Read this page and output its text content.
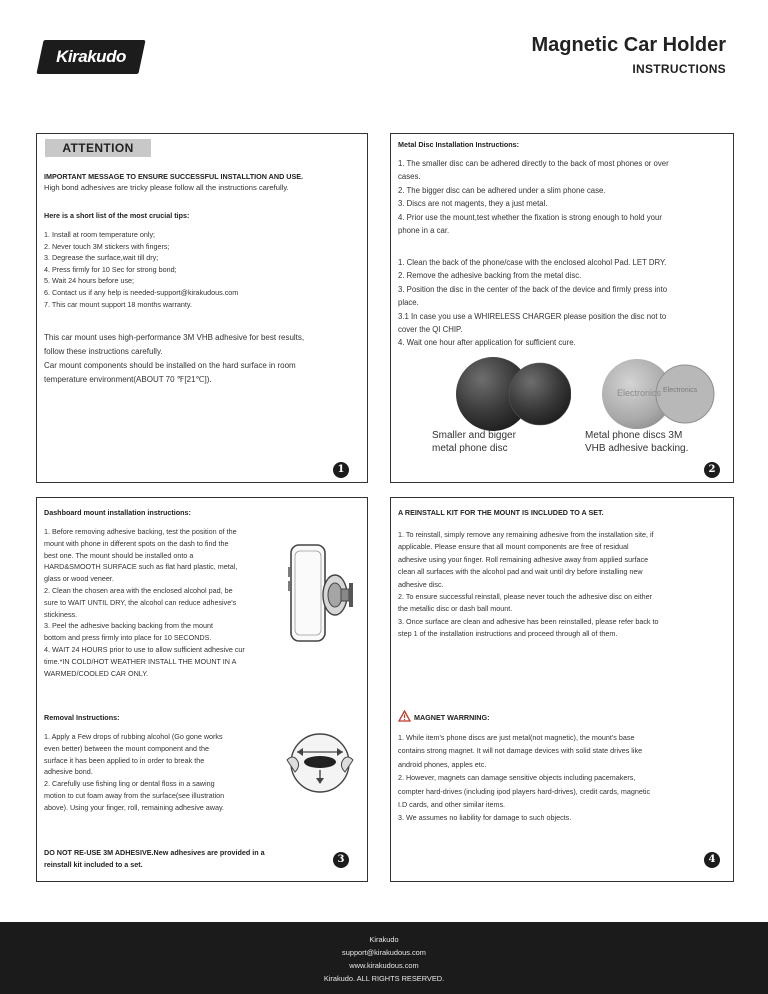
Kirakudo
Magnetic Car Holder
INSTRUCTIONS
ATTENTION
IMPORTANT MESSAGE TO ENSURE SUCCESSFUL INSTALLTION AND USE.
High bond adhesives are tricky please follow all the instructions carefully.
Here is a short list of the most crucial tips:
1. Install at room temperature only;
2. Never touch 3M stickers with fingers;
3. Degrease the surface,wait till dry;
4. Press firmly for 10 Sec for strong bond;
5. Wait 24 hours before use;
6. Contact us if any help is needed-support@kirakudous.com
7. This car mount support 18 months warranty.
This car mount uses high-performance 3M VHB adhesive for best results,
follow these instructions carefully.
Car mount components should be installed on the hard surface in room
temperature environment(ABOUT 70 ℉[21℃]).
1
Metal Disc Installation Instructions:
1. The smaller disc can be adhered directly to the back of most phones or over
cases.
2. The bigger disc can be adhered under a slim phone case.
3. Discs are not magents, they a just metal.
4. Prior use the mount,test whether the fixation is strong enough to hold your
phone in a car.
1. Clean the back of the phone/case with the enclosed alcohol Pad. LET DRY.
2. Remove the adhesive backing from the metal disc.
3. Position the disc in the center of the back of the device and firmly press into
place.
3.1 In case you use a WHIRELESS CHARGER please position the disc not to
cover the QI CHIP.
4. Wait one hour after application for sufficient cure.
Electronics Electronics
Smaller and bigger
metal phone disc
Metal phone discs 3M
VHB adhesive backing.
2
Dashboard mount installation instructions:
1. Before removing adhesive backing, test the position of the
mount with phone in different spots on the dash to find the
best one. The mount should be installed onto a
HARD&SMOOTH SURFACE such as flat hard plastic, metal,
glass or wood veneer.
2. Clean the chosen area with the enclosed alcohol pad, be
sure to WAIT UNTIL DRY, the alcohol can reduce adhesive's
stickiness.
3. Peel the adhesive backing backing from the mount
bottom and press firmly into place for 10 SECONDS.
4. WAIT 24 HOURS prior to use to allow sufficient adhesive cur
time.*IN COLD/HOT WEATHER INSTALL THE MOUNT IN A
WARMED/COOLED CAR ONLY.
Removal Instructions:
1. Apply a Few drops of rubbing alcohol (Go gone works
even better) between the mount component and the
surface it has been applied to in order to break the
adhesive bond.
2. Carefully use fishing ling or dental floss in a sawing
motion to cut foam away from the surface(see illustration
above). Using your finger, roll, remaining adhesive away.
DO NOT RE-USE 3M ADHESIVE.New adhesives are provided in a
reinstall kit included to a set.	3
A REINSTALL KIT FOR THE MOUNT IS INCLUDED TO A SET.
1. To reinstall, simply remove any remaining adhesive from the installation site, if
applicable. Please ensure that all mount components are free of residual
adhesive using your finger. Roll remaining adhesive away from applied surface
clean all surfaces with the alcohol pad and wait until dry before installing new
adhesive disc.
2. To ensure successful reinstall, please never touch the adhesive disc on either
the metallic disc or dash ball mount.
3. Once surface are clean and adhesive has been reinstalled, please refer back to
step 1 of the installation instructions and proceed through all of them.
MAGNET WARRNING:
1. While item's phone discs are just metal(not magnetic), the mount's base
contains strong magnet. It will not damage devices with solid state drives like
android phones, apples etc.
2. However, magnets can damage sensitive objects including pacemakers,
compter hard-drives (including ipod players hard-drives), credit cards, magnetic
I.D cards, and other similar items.
3. We assumes no liability for damage to such objects.
4
Kirakudo
support@kirakudous.com
www.kirakudous.com
Kirakudo. ALL RIGHTS RESERVED.
